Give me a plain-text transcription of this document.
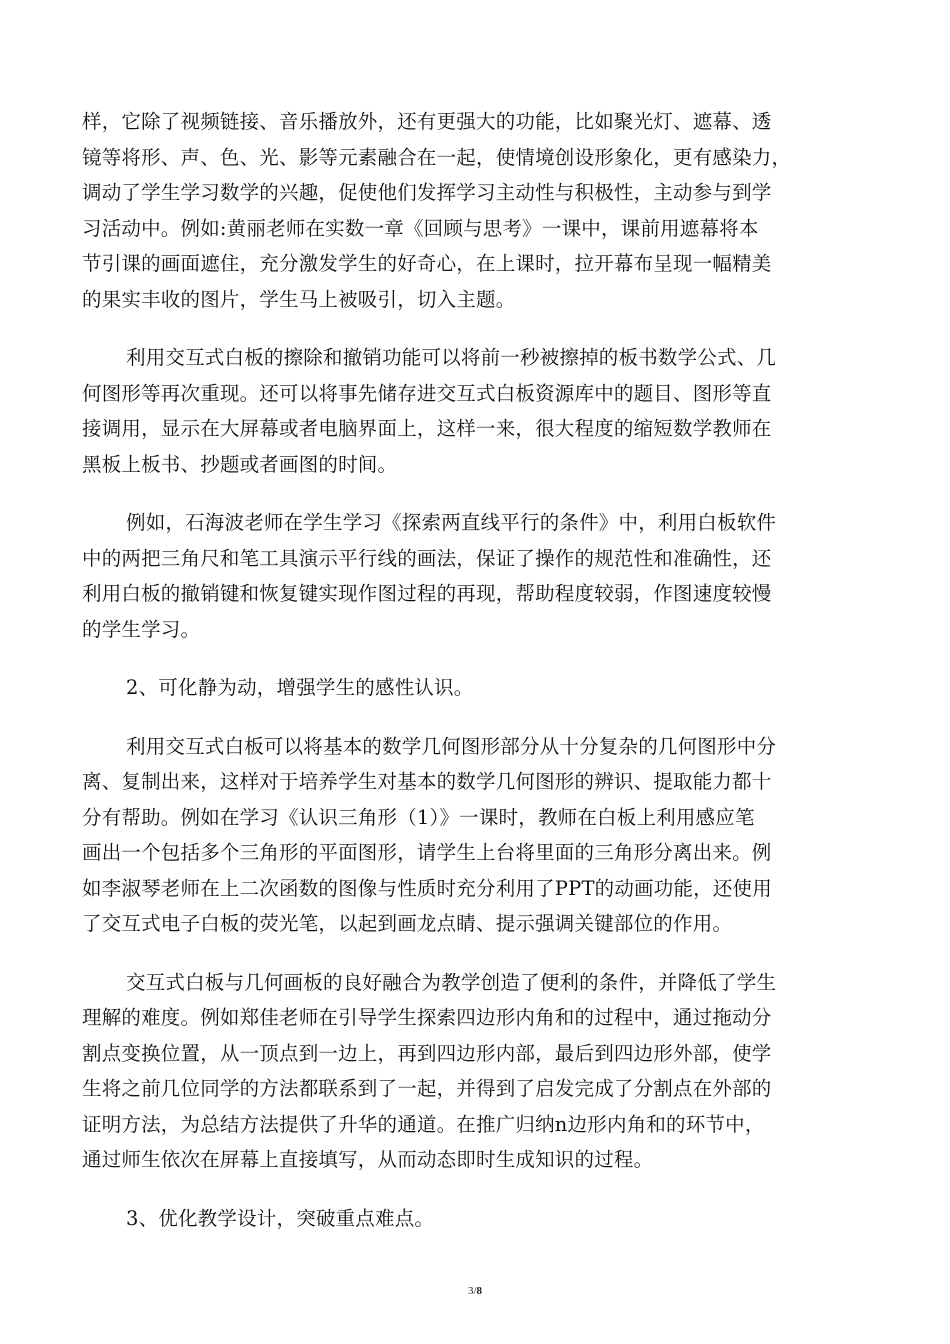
样，它除了视频链接、音乐播放外，还有更强大的功能，比如聚光灯、遮幕、透
镜等将形、声、色、光、影等元素融合在一起，使情境创设形象化，更有感染力，
调动了学生学习数学的兴趣，促使他们发挥学习主动性与积极性，主动参与到学
习活动中。例如:黄丽老师在实数一章《回顾与思考》一课中，课前用遮幕将本
节引课的画面遮住，充分激发学生的好奇心，在上课时，拉开幕布呈现一幅精美
的果实丰收的图片，学生马上被吸引，切入主题。

利用交互式白板的擦除和撤销功能可以将前一秒被擦掉的板书数学公式、几
何图形等再次重现。还可以将事先储存进交互式白板资源库中的题目、图形等直
接调用，显示在大屏幕或者电脑界面上，这样一来，很大程度的缩短数学教师在
黑板上板书、抄题或者画图的时间。

例如，石海波老师在学生学习《探索两直线平行的条件》中，利用白板软件
中的两把三角尺和笔工具演示平行线的画法，保证了操作的规范性和准确性，还
利用白板的撤销键和恢复键实现作图过程的再现，帮助程度较弱，作图速度较慢
的学生学习。

2、可化静为动，增强学生的感性认识。

利用交互式白板可以将基本的数学几何图形部分从十分复杂的几何图形中分
离、复制出来，这样对于培养学生对基本的数学几何图形的辨识、提取能力都十
分有帮助。例如在学习《认识三角形（1）》一课时，教师在白板上利用感应笔
画出一个包括多个三角形的平面图形，请学生上台将里面的三角形分离出来。例
如李淑琴老师在上二次函数的图像与性质时充分利用了PPT的动画功能，还使用
了交互式电子白板的荧光笔，以起到画龙点睛、提示强调关键部位的作用。

交互式白板与几何画板的良好融合为教学创造了便利的条件，并降低了学生
理解的难度。例如郑佳老师在引导学生探索四边形内角和的过程中，通过拖动分
割点变换位置，从一顶点到一边上，再到四边形内部，最后到四边形外部，使学
生将之前几位同学的方法都联系到了一起，并得到了启发完成了分割点在外部的
证明方法，为总结方法提供了升华的通道。在推广归纳n边形内角和的环节中，
通过师生依次在屏幕上直接填写，从而动态即时生成知识的过程。

3、优化教学设计，突破重点难点。

3/8
